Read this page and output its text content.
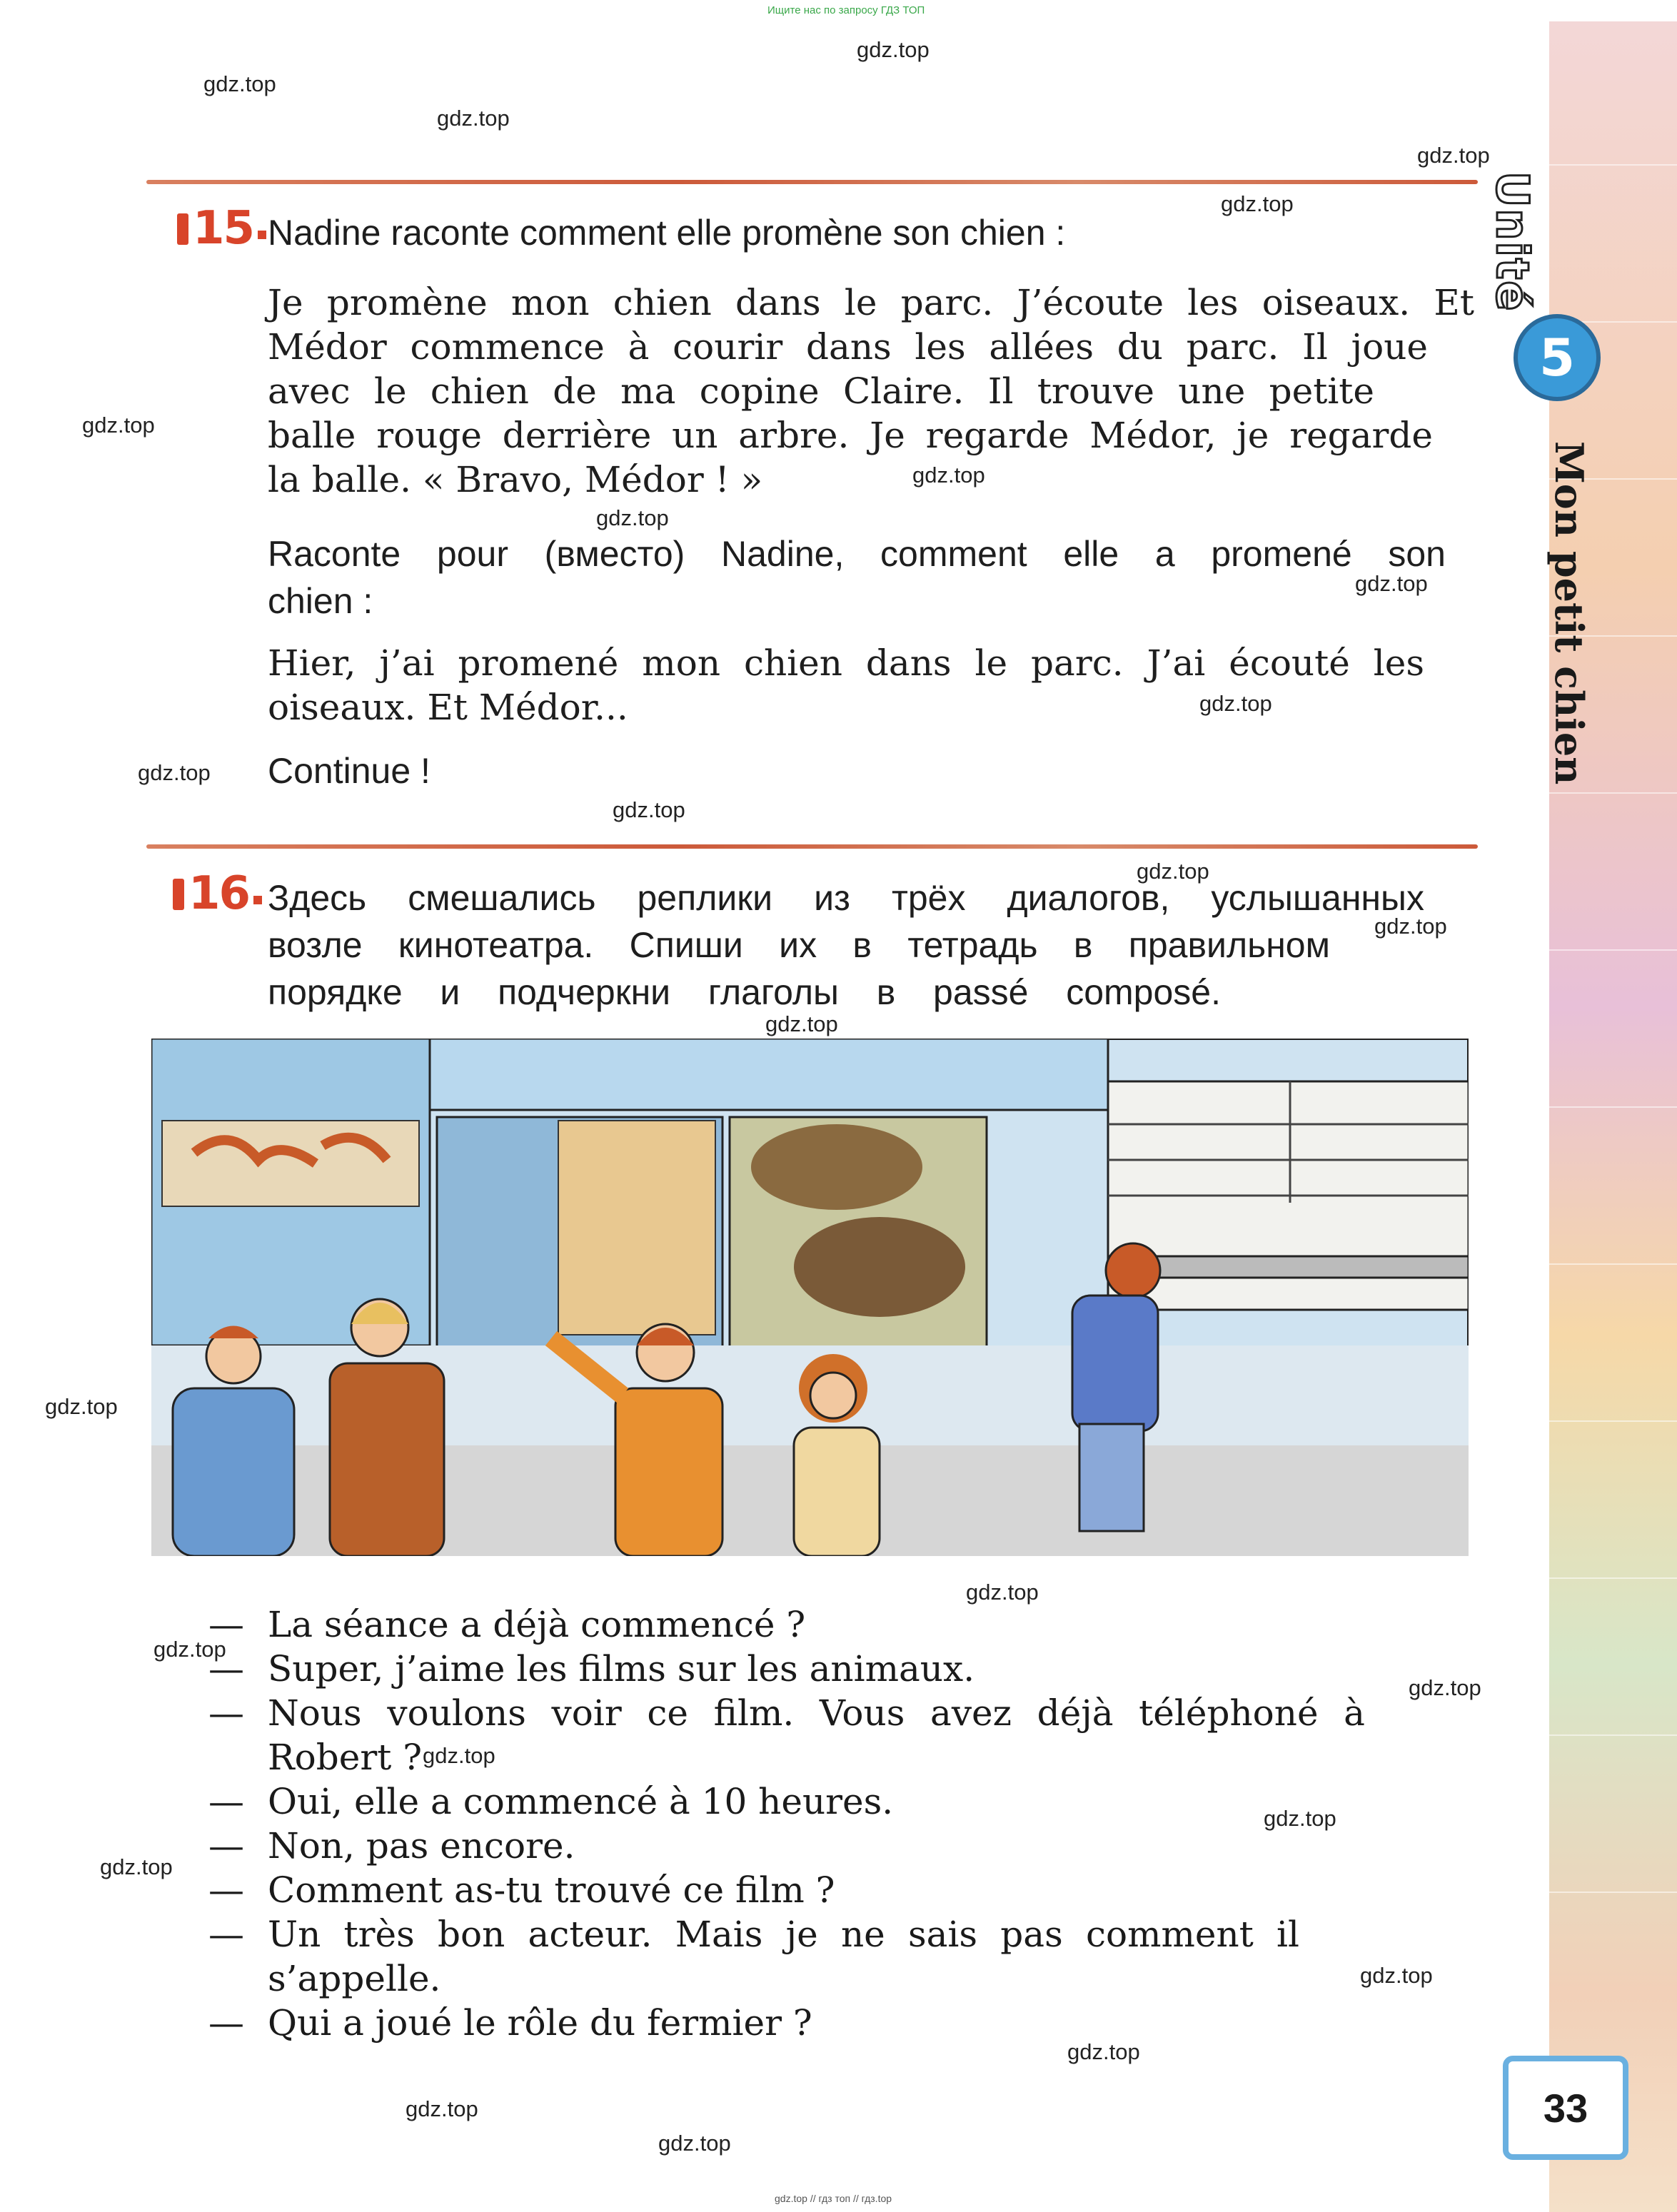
Ищите нас по запросу ГДЗ ТОП
gdz.top
gdz.top
gdz.top
gdz.top
gdz.top
gdz.top
gdz.top
gdz.top
gdz.top
gdz.top
gdz.top
gdz.top
gdz.top
gdz.top
gdz.top
gdz.top
gdz.top
gdz.top
gdz.top
gdz.top
gdz.top
gdz.top
gdz.top
gdz.top
gdz.top
gdz.top
15 Nadine raconte comment elle promène son chien :
Je promène mon chien dans le parc. J’écoute les oiseaux. Et
Médor commence à courir dans les allées du parc. Il joue
avec le chien de ma copine Claire. Il trouve une petite
balle rouge derrière un arbre. Je regarde Médor, je regarde
la balle. « Bravo, Médor ! »
Raconte pour (вместо) Nadine, comment elle a promené son
chien :
Hier, j’ai promené mon chien dans le parc. J’ai écouté les
oiseaux. Et Médor...
Continue !
16 Здесь смешались реплики из трёх диалогов, услышанных
возле кинотеатра. Спиши их в тетрадь в правильном
порядке и подчеркни глаголы в passé composé.
— La séance a déjà commencé ?
— Super, j’aime les films sur les animaux.
— Nous voulons voir ce film. Vous avez déjà téléphoné à
Robert ?
— Oui, elle a commencé à 10 heures.
— Non, pas encore.
— Comment as-tu trouvé ce film ?
— Un très bon acteur. Mais je ne sais pas comment il
s’appelle.
— Qui a joué le rôle du fermier ?
Unité
5
Mon petit chien
33
gdz.top // гдз топ // гдз.top
